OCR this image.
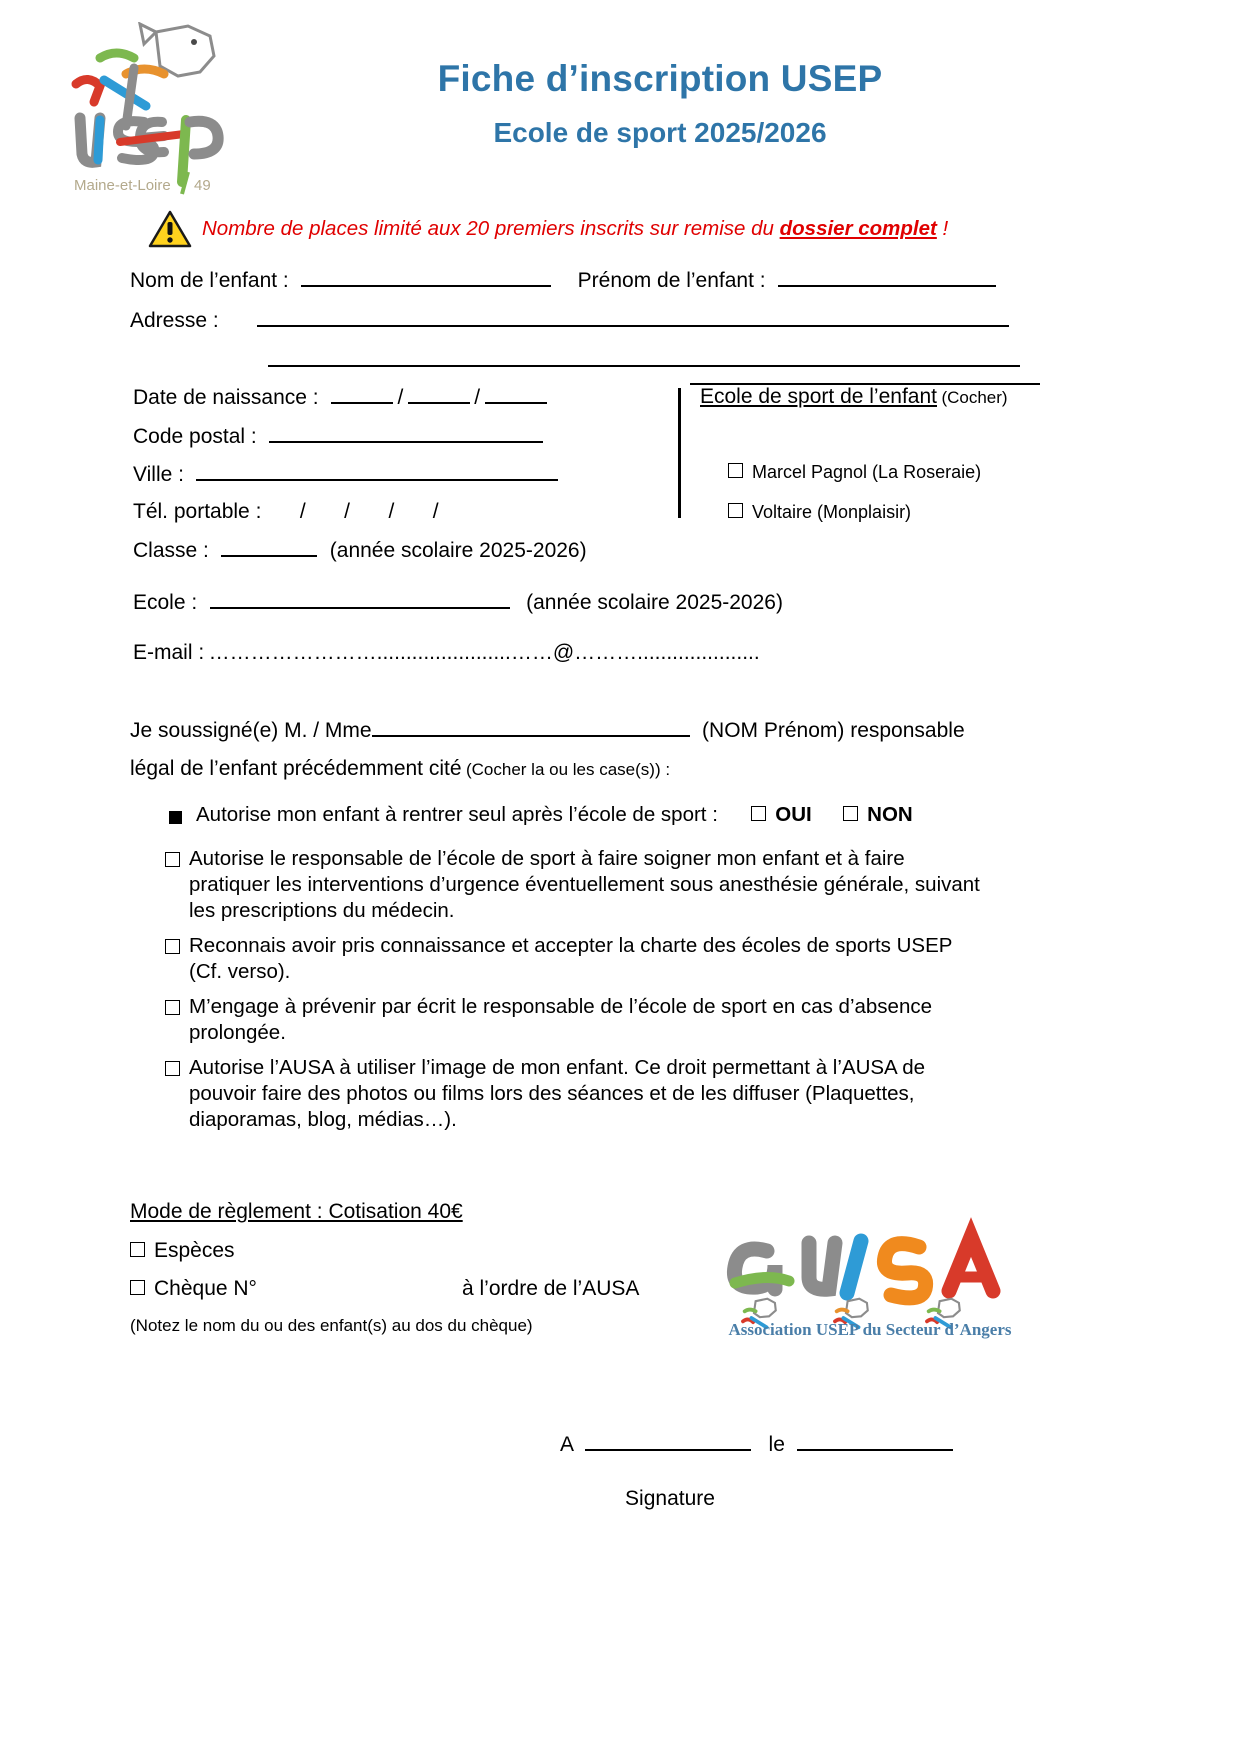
Maine-et-Loire 49
Fiche d’inscription USEP
Ecole de sport 2025/2026
Nombre de places limité aux 20 premiers inscrits sur remise du dossier complet !
Nom de l’enfant :	Prénom de l’enfant :
Adresse :
Date de naissance :	/	/
Code postal :
Ville :
Tél. portable : / / / /
Classe :	(année scolaire 2025-2026)
Ecole :	(année scolaire 2025-2026)
E-mail : …………………….......................……@……….....................
Ecole de sport de l’enfant (Cocher)
Marcel Pagnol (La Roseraie)
Voltaire (Monplaisir)
Je soussigné(e) M. / Mme	(NOM Prénom) responsable
légal de l’enfant précédemment cité (Cocher la ou les case(s)) :
Autorise mon enfant à rentrer seul après l’école de sport :	OUI	NON
Autorise le responsable de l’école de sport à faire soigner mon enfant et à faire pratiquer les interventions d’urgence éventuellement sous anesthésie générale, suivant les prescriptions du médecin.
Reconnais avoir pris connaissance et accepter la charte des écoles de sports USEP (Cf. verso).
M’engage à prévenir par écrit le responsable de l’école de sport en cas d’absence prolongée.
Autorise l’AUSA à utiliser l’image de mon enfant. Ce droit permettant à l’AUSA de pouvoir faire des photos ou films lors des séances et de les diffuser (Plaquettes, diaporamas, blog, médias…).
Mode de règlement : Cotisation 40€
Espèces
Chèque N°	à l’ordre de l’AUSA
(Notez le nom du ou des enfant(s) au dos du chèque)	Association USEP du Secteur d’Angers
A	le
Signature
